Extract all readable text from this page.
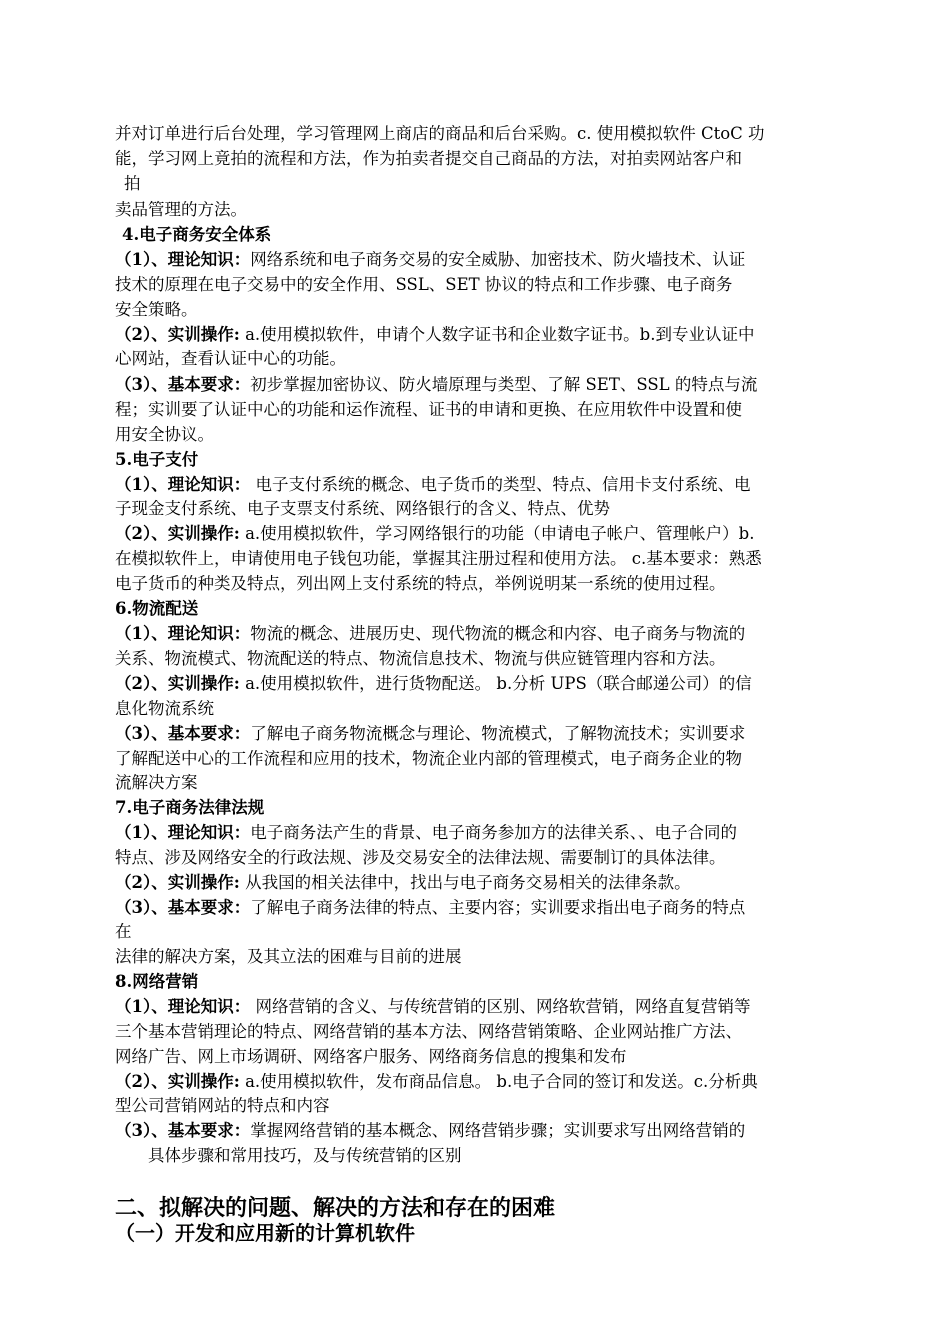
并对订单进行后台处理，学习管理网上商店的商品和后台采购。c. 使用模拟软件 CtoC 功

能，学习网上竟拍的流程和方法，作为拍卖者提交自己商品的方法，对拍卖网站客户和

拍

卖品管理的方法。

4.电子商务安全体系

（1）、理论知识：网络系统和电子商务交易的安全威胁、加密技术、防火墙技术、认证

技术的原理在电子交易中的安全作用、SSL、SET 协议的特点和工作步骤、电子商务

安全策略。

（2）、实训操作: a.使用模拟软件，申请个人数字证书和企业数字证书。b.到专业认证中

心网站，查看认证中心的功能。

（3）、基本要求：初步掌握加密协议、防火墙原理与类型、了解 SET、SSL 的特点与流

程；实训要了认证中心的功能和运作流程、证书的申请和更换、在应用软件中设置和使

用安全协议。

5.电子支付

（1）、理论知识： 电子支付系统的概念、电子货币的类型、特点、信用卡支付系统、电

子现金支付系统、电子支票支付系统、网络银行的含义、特点、优势

（2）、实训操作: a.使用模拟软件，学习网络银行的功能（申请电子帐户、管理帐户）b.

在模拟软件上，申请使用电子钱包功能，掌握其注册过程和使用方法。 c.基本要求：熟悉

电子货币的种类及特点，列出网上支付系统的特点，举例说明某一系统的使用过程。

6.物流配送

（1）、理论知识：物流的概念、进展历史、现代物流的概念和内容、电子商务与物流的

关系、物流模式、物流配送的特点、物流信息技术、物流与供应链管理内容和方法。

（2）、实训操作: a.使用模拟软件，进行货物配送。 b.分析 UPS（联合邮递公司）的信

息化物流系统

（3）、基本要求：了解电子商务物流概念与理论、物流模式，了解物流技术；实训要求

了解配送中心的工作流程和应用的技术，物流企业内部的管理模式，电子商务企业的物

流解决方案

7.电子商务法律法规

（1）、理论知识：电子商务法产生的背景、电子商务参加方的法律关系、、电子合同的

特点、涉及网络安全的行政法规、涉及交易安全的法律法规、需要制订的具体法律。

（2）、实训操作: 从我国的相关法律中，找出与电子商务交易相关的法律条款。

（3）、基本要求：了解电子商务法律的特点、主要内容；实训要求指出电子商务的特点

在

法律的解决方案，及其立法的困难与目前的进展

8.网络营销

（1）、理论知识： 网络营销的含义、与传统营销的区别、网络软营销，网络直复营销等

三个基本营销理论的特点、网络营销的基本方法、网络营销策略、企业网站推广方法、

网络广告、网上市场调研、网络客户服务、网络商务信息的搜集和发布

（2）、实训操作: a.使用模拟软件，发布商品信息。 b.电子合同的签订和发送。c.分析典

型公司营销网站的特点和内容

（3）、基本要求：掌握网络营销的基本概念、网络营销步骤；实训要求写出网络营销的

具体步骤和常用技巧，及与传统营销的区别

二、拟解决的问题、解决的方法和存在的困难

（一）开发和应用新的计算机软件
